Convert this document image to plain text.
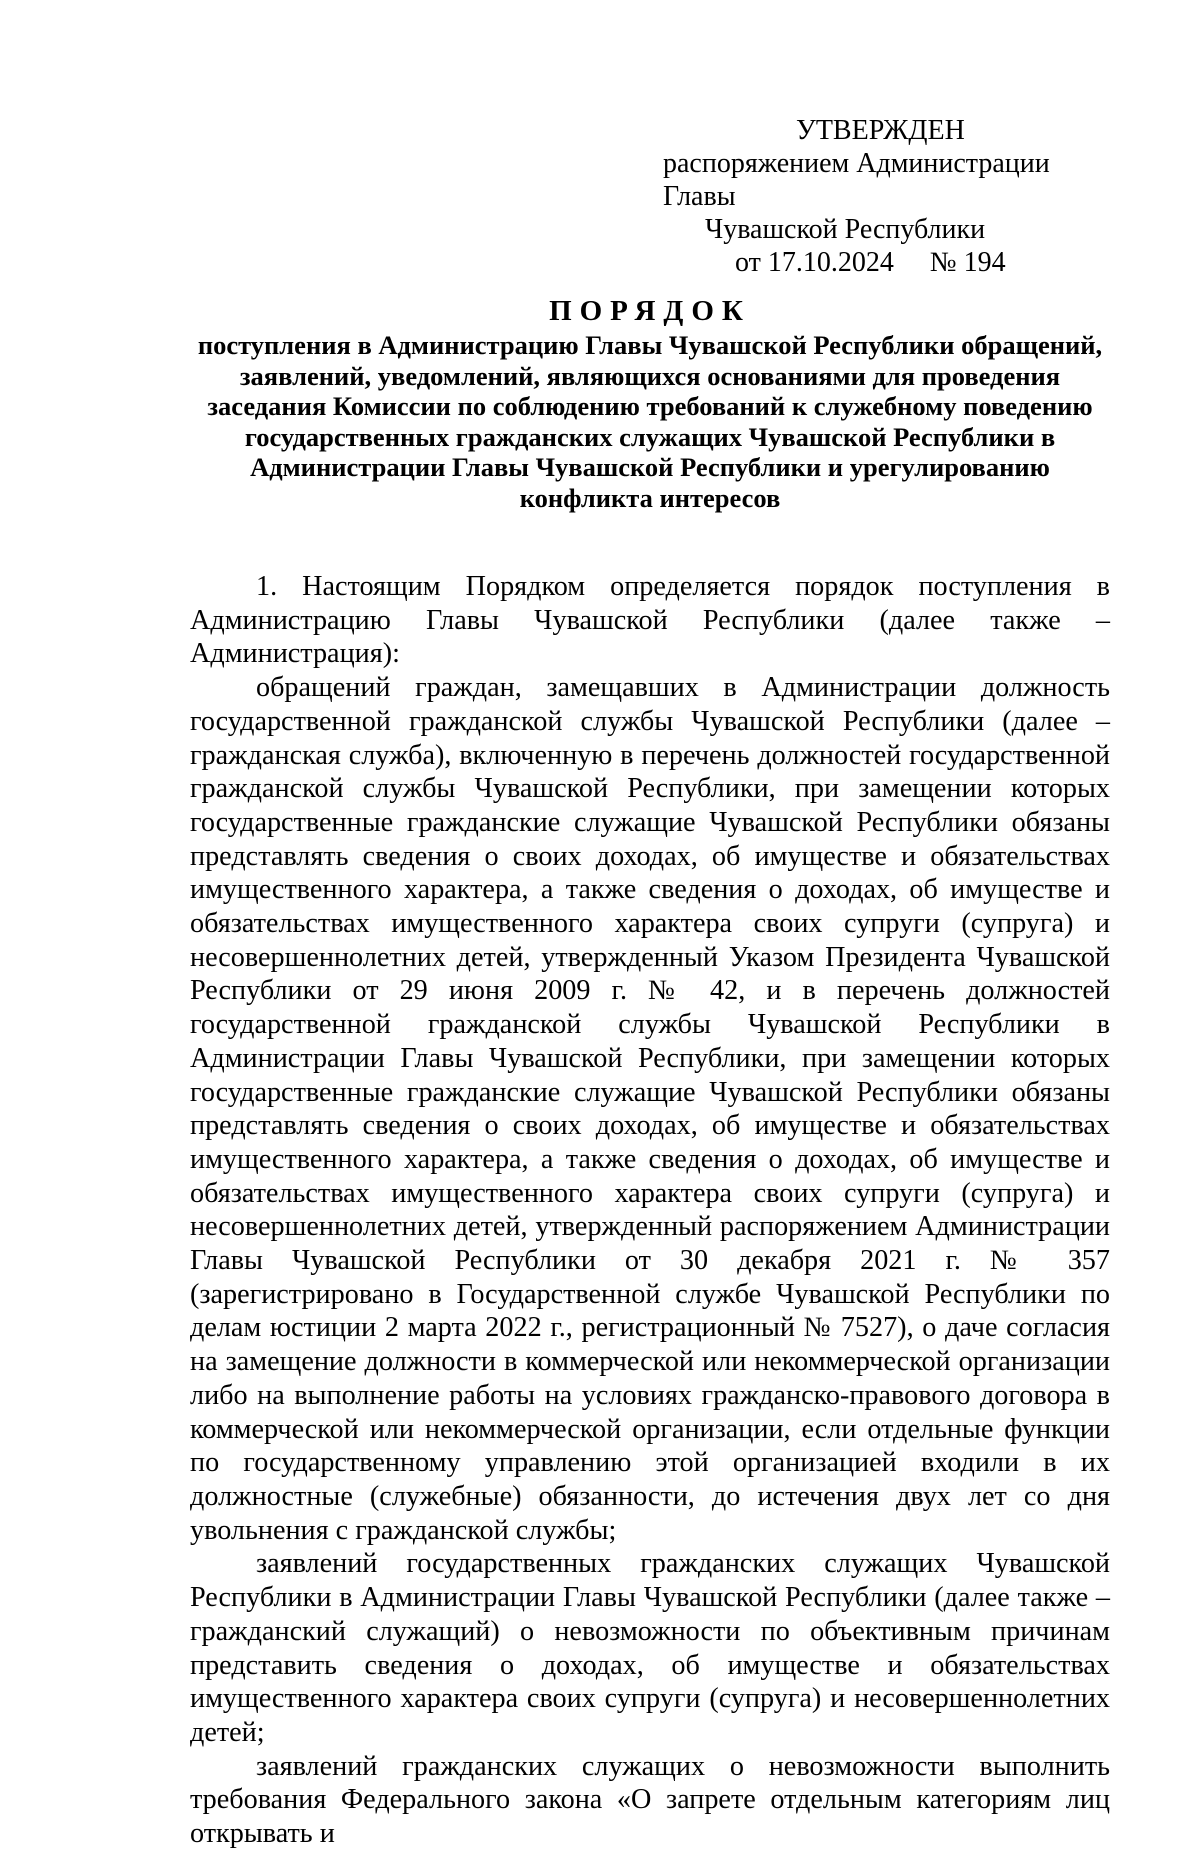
УТВЕРЖДЕН
распоряжением Администрации Главы
Чувашской Республики
от 17.10.2024 № 194
ПОРЯДОК
поступления в Администрацию Главы Чувашской Республики обращений, заявлений, уведомлений, являющихся основаниями для проведения заседания Комиссии по соблюдению требований к служебному поведению государственных гражданских служащих Чувашской Республики в Администрации Главы Чувашской Республики и урегулированию конфликта интересов

1. Настоящим Порядком определяется порядок поступления в Администрацию Главы Чувашской Республики (далее также – Администрация):

обращений граждан, замещавших в Администрации должность государственной гражданской службы Чувашской Республики (далее – гражданская служба), включенную в перечень должностей государственной гражданской службы Чувашской Республики, при замещении которых государственные гражданские служащие Чувашской Республики обязаны представлять сведения о своих доходах, об имуществе и обязательствах имущественного характера, а также сведения о доходах, об имуществе и обязательствах имущественного характера своих супруги (супруга) и несовершеннолетних детей, утвержденный Указом Президента Чувашской Республики от 29 июня 2009 г. № 42, и в перечень должностей государственной гражданской службы Чувашской Республики в Администрации Главы Чувашской Республики, при замещении которых государственные гражданские служащие Чувашской Республики обязаны представлять сведения о своих доходах, об имуществе и обязательствах имущественного характера, а также сведения о доходах, об имуществе и обязательствах имущественного характера своих супруги (супруга) и несовершеннолетних детей, утвержденный распоряжением Администрации Главы Чувашской Республики от 30 декабря 2021 г. № 357 (зарегистрировано в Государственной службе Чувашской Республики по делам юстиции 2 марта 2022 г., регистрационный № 7527), о даче согласия на замещение должности в коммерческой или некоммерческой организации либо на выполнение работы на условиях гражданско-правового договора в коммерческой или некоммерческой организации, если отдельные функции по государственному управлению этой организацией входили в их должностные (служебные) обязанности, до истечения двух лет со дня увольнения с гражданской службы;

заявлений государственных гражданских служащих Чувашской Республики в Администрации Главы Чувашской Республики (далее также – гражданский служащий) о невозможности по объективным причинам представить сведения о доходах, об имуществе и обязательствах имущественного характера своих супруги (супруга) и несовершеннолетних детей;

заявлений гражданских служащих о невозможности выполнить требования Федерального закона «О запрете отдельным категориям лиц открывать и
